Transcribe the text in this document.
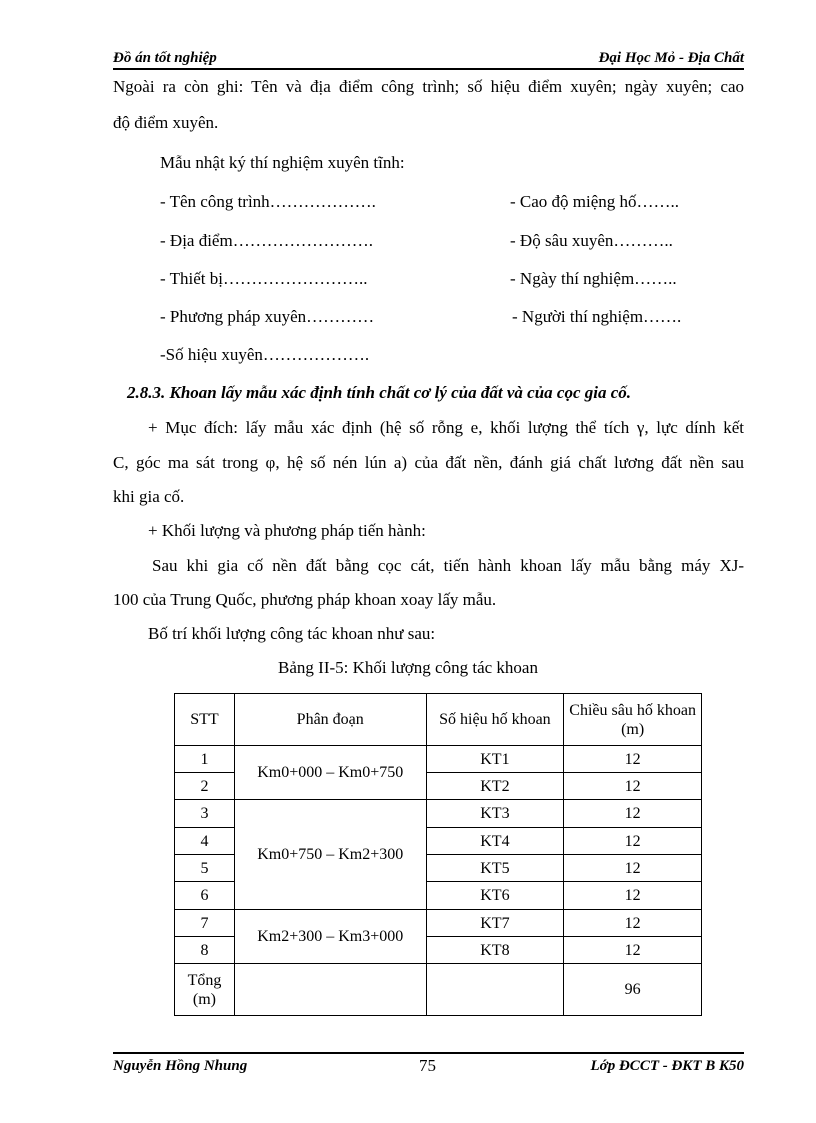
Đồ án tốt nghiệp	Đại Học Mỏ - Địa Chất
Ngoài ra còn ghi: Tên và địa điểm công trình; số hiệu điểm xuyên; ngày xuyên; cao
độ điểm xuyên.
Mẫu nhật ký thí nghiệm xuyên tĩnh:
- Tên công trình……………….	- Cao độ miệng hố……..
- Địa điểm…………………….	- Độ sâu xuyên………..
- Thiết bị……………………..	- Ngày thí nghiệm……..
- Phương pháp xuyên…………	- Người thí nghiệm…….
-Số hiệu xuyên……………….
2.8.3. Khoan lấy mẫu xác định tính chất cơ lý của đất và của cọc gia cố.
+ Mục đích: lấy mẫu xác định (hệ số rỗng e, khối lượng thể tích γ, lực dính kết
C, góc ma sát trong φ, hệ số nén lún a) của đất nền, đánh giá chất lương đất nền sau
khi gia cố.
+ Khối lượng và phương pháp tiến hành:
Sau khi gia cố nền đất bằng cọc cát, tiến hành khoan lấy mẫu bằng máy XJ-
100 của Trung Quốc, phương pháp khoan xoay lấy mẫu.
Bố trí khối lượng công tác khoan như sau:
Bảng II-5: Khối lượng công tác khoan
STT	Phân đoạn	Số hiệu hố khoan	Chiều sâu hố khoan (m)
1	Km0+000 – Km0+750	KT1	12
2		KT2	12
3	Km0+750 – Km2+300	KT3	12
4		KT4	12
5		KT5	12
6		KT6	12
7	Km2+300 – Km3+000	KT7	12
8		KT8	12
Tổng (m)			96
Nguyễn Hồng Nhung	75	Lớp ĐCCT - ĐKT B K50
